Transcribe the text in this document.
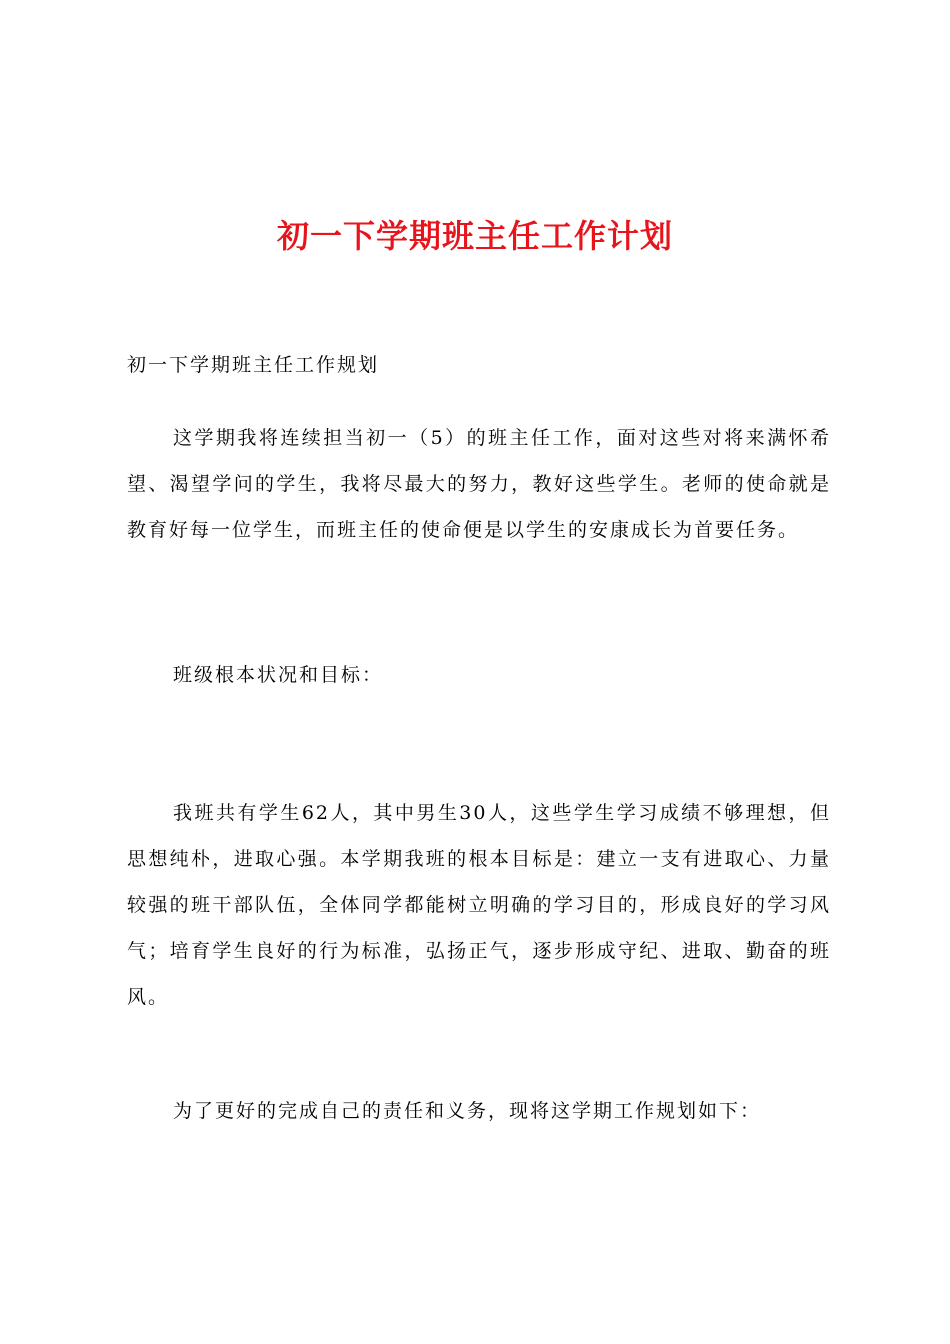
初一下学期班主任工作计划

初一下学期班主任工作规划

这学期我将连续担当初一（5）的班主任工作，面对这些对将来满怀希望、渴望学问的学生，我将尽最大的努力，教好这些学生。老师的使命就是教育好每一位学生，而班主任的使命便是以学生的安康成长为首要任务。

班级根本状况和目标：

我班共有学生62人，其中男生30人，这些学生学习成绩不够理想，但思想纯朴，进取心强。本学期我班的根本目标是：建立一支有进取心、力量较强的班干部队伍，全体同学都能树立明确的学习目的，形成良好的学习风气；培育学生良好的行为标准，弘扬正气，逐步形成守纪、进取、勤奋的班风。

为了更好的完成自己的责任和义务，现将这学期工作规划如下：
